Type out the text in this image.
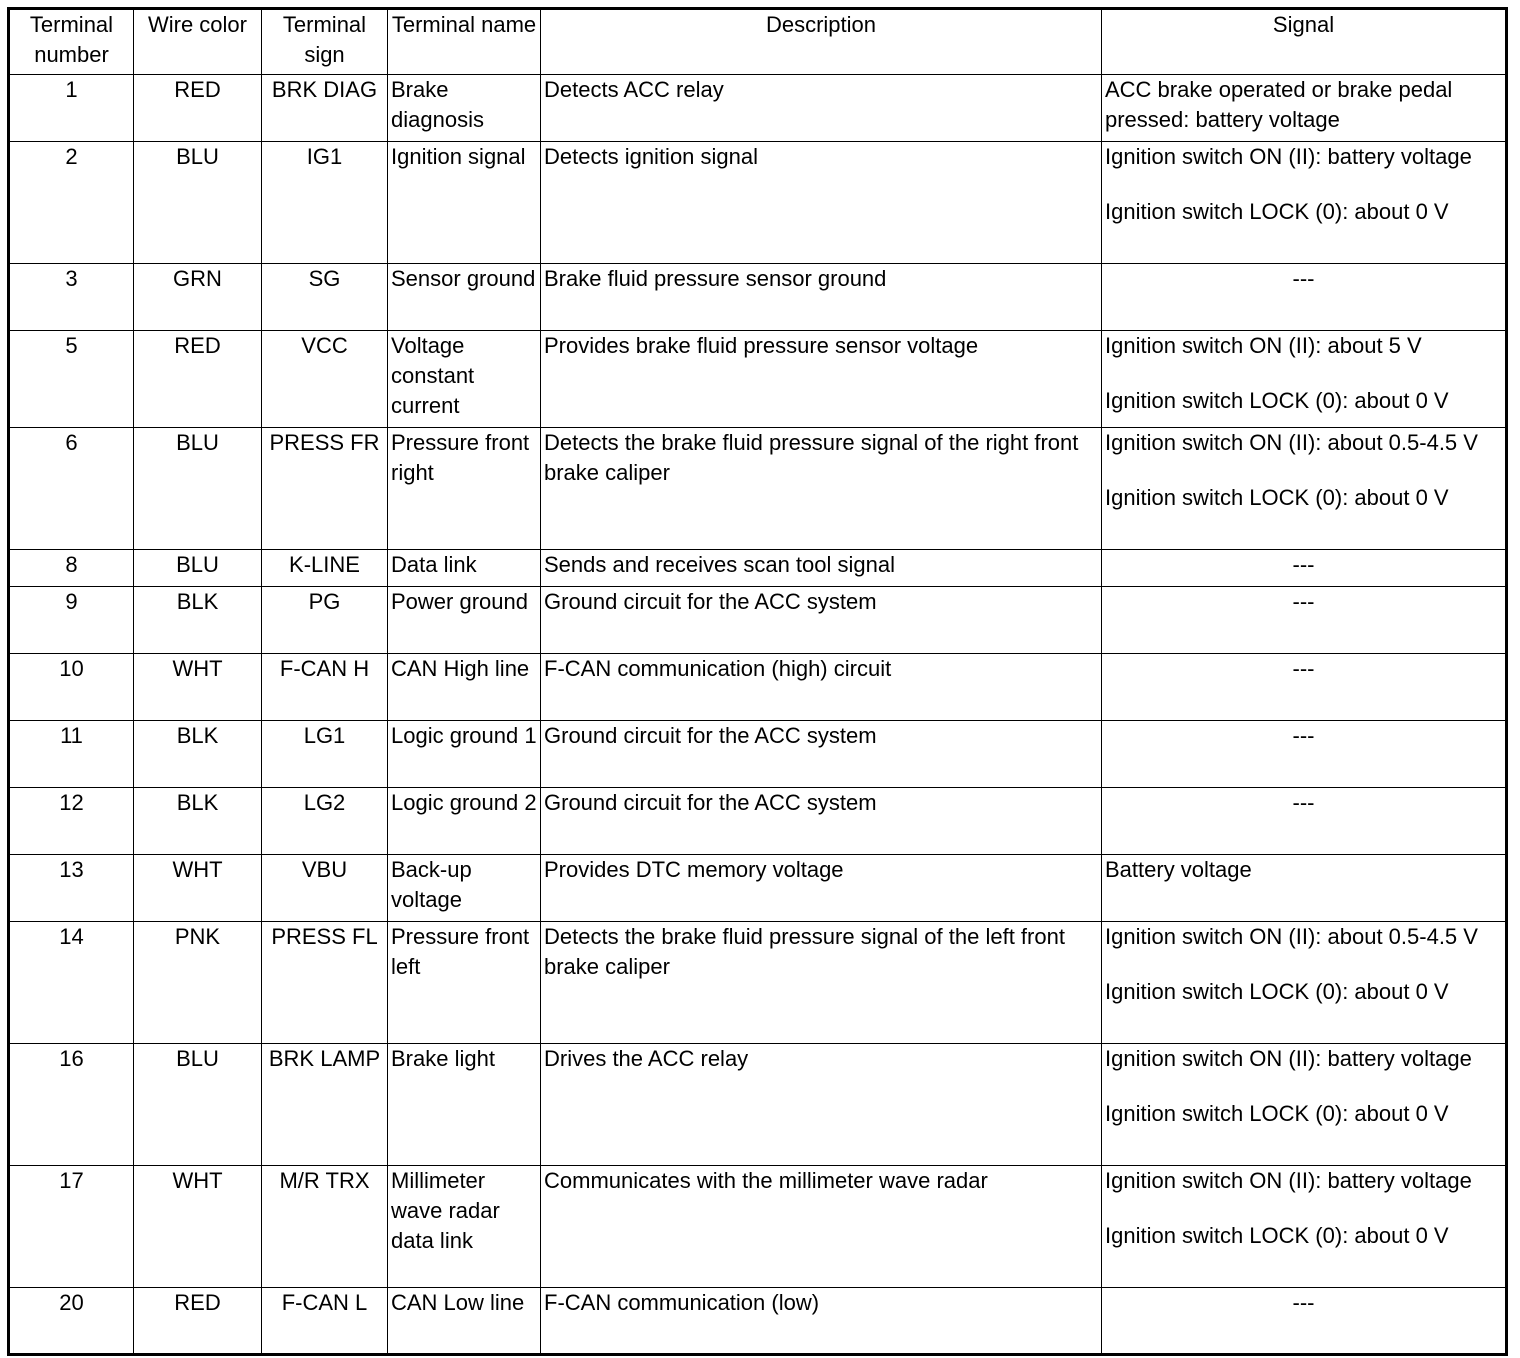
Terminal number	Wire color	Terminal sign	Terminal name	Description	Signal
1	RED	BRK DIAG	Brake diagnosis	Detects ACC relay	ACC brake operated or brake pedal pressed: battery voltage

2	BLU	IG1	Ignition signal	Detects ignition signal	Ignition switch ON (II): battery voltage
Ignition switch LOCK (0): about 0 V

3	GRN	SG	Sensor ground	Brake fluid pressure sensor ground	---

5	RED	VCC	Voltage constant current	Provides brake fluid pressure sensor voltage	Ignition switch ON (II): about 5 V
Ignition switch LOCK (0): about 0 V

6	BLU	PRESS FR	Pressure front right	Detects the brake fluid pressure signal of the right front brake caliper	Ignition switch ON (II): about 0.5-4.5 V
Ignition switch LOCK (0): about 0 V

8	BLU	K-LINE	Data link	Sends and receives scan tool signal	---

9	BLK	PG	Power ground	Ground circuit for the ACC system	---

10	WHT	F-CAN H	CAN High line	F-CAN communication (high) circuit	---

11	BLK	LG1	Logic ground 1	Ground circuit for the ACC system	---

12	BLK	LG2	Logic ground 2	Ground circuit for the ACC system	---

13	WHT	VBU	Back-up voltage	Provides DTC memory voltage	Battery voltage

14	PNK	PRESS FL	Pressure front left	Detects the brake fluid pressure signal of the left front brake caliper	Ignition switch ON (II): about 0.5-4.5 V
Ignition switch LOCK (0): about 0 V

16	BLU	BRK LAMP	Brake light	Drives the ACC relay	Ignition switch ON (II): battery voltage
Ignition switch LOCK (0): about 0 V

17	WHT	M/R TRX	Millimeter wave radar data link	Communicates with the millimeter wave radar	Ignition switch ON (II): battery voltage
Ignition switch LOCK (0): about 0 V

20	RED	F-CAN L	CAN Low line	F-CAN communication (low)	---
